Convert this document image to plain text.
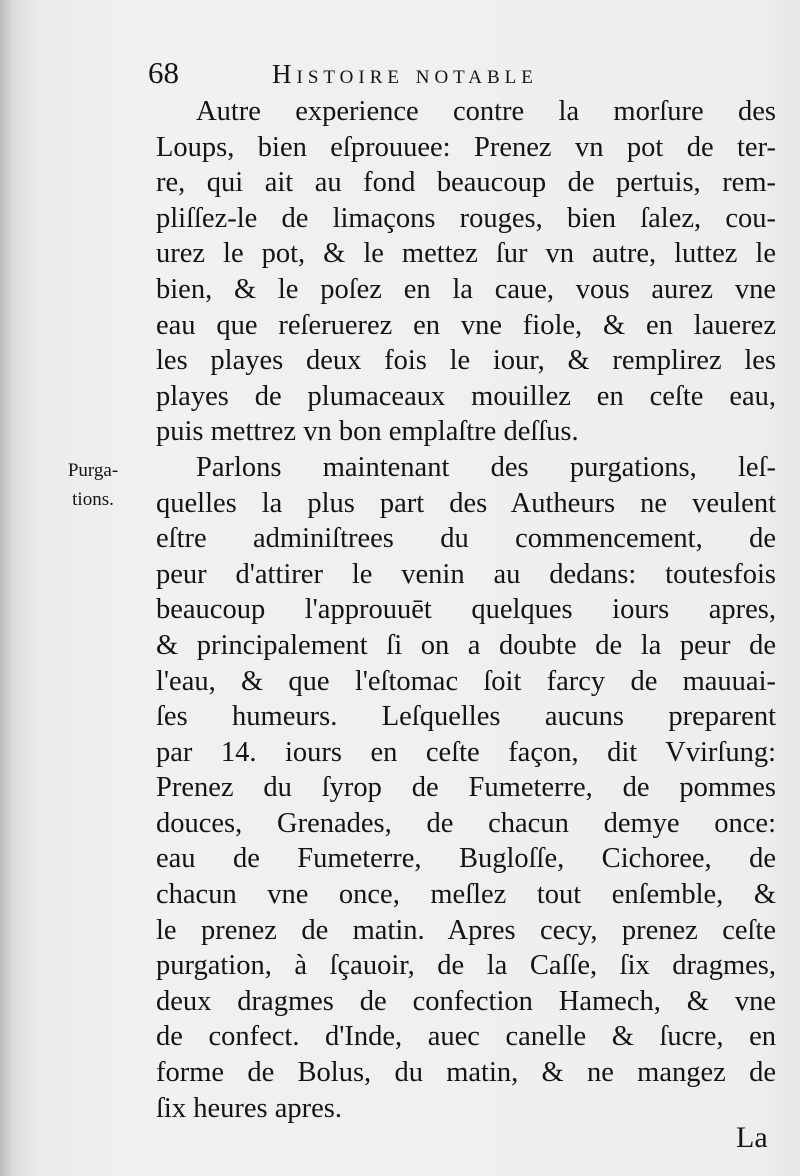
68	Histoire notable
Purga-
tions.
Autre experience contre la morſure des
Loups, bien eſprouuee: Prenez vn pot de ter-
re, qui ait au fond beaucoup de pertuis, rem-
pliſſez-le de limaçons rouges, bien ſalez, cou-
urez le pot, & le mettez ſur vn autre, luttez le
bien, & le poſez en la caue, vous aurez vne
eau que reſeruerez en vne fiole, & en lauerez
les playes deux fois le iour, & remplirez les
playes de plumaceaux mouillez en ceſte eau,
puis mettrez vn bon emplaſtre deſſus.
Parlons maintenant des purgations, leſ-
quelles la plus part des Autheurs ne veulent
eſtre adminiſtrees du commencement, de
peur d'attirer le venin au dedans: toutesfois
beaucoup l'approuuēt quelques iours apres,
& principalement ſi on a doubte de la peur de
l'eau, & que l'eſtomac ſoit farcy de mauuai-
ſes humeurs. Leſquelles aucuns preparent
par 14. iours en ceſte façon, dit Vvirſung:
Prenez du ſyrop de Fumeterre, de pommes
douces, Grenades, de chacun demye once:
eau de Fumeterre, Bugloſſe, Cichoree, de
chacun vne once, meſlez tout enſemble, &
le prenez de matin. Apres cecy, prenez ceſte
purgation, à ſçauoir, de la Caſſe, ſix dragmes,
deux dragmes de confection Hamech, & vne
de confect. d'Inde, auec canelle & ſucre, en
forme de Bolus, du matin, & ne mangez de
ſix heures apres.
La
